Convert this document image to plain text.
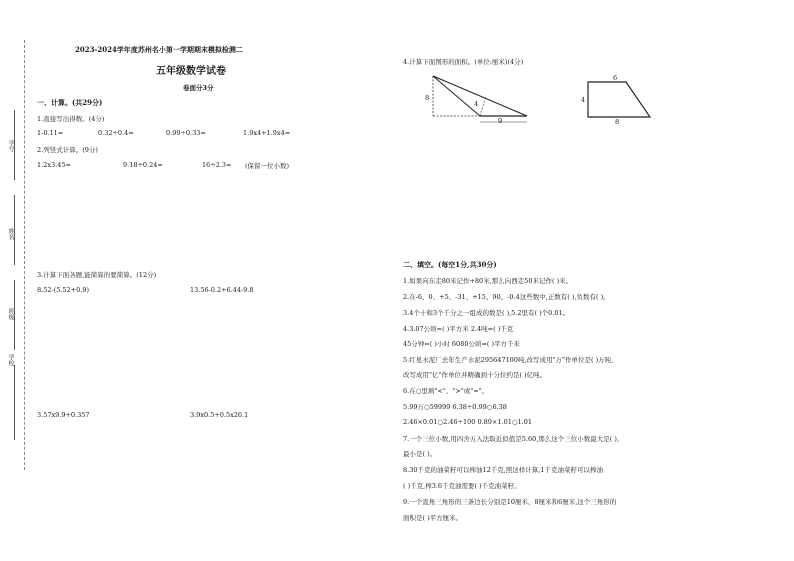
学号
姓名
班级
学校
2023-2024学年度苏州名小第一学期期末模拟检测二
五年级数学试卷
卷面分3分
一、计算。(共29分)
1.直接写出得数。(4分)
1-0.11=	0.32÷0.4=	0.99÷0.33=	1.9x4+1.9x4=
2.列竖式计算。(9分)
1.2x3.45=	9.18÷0.24=	16÷2.3≈ (保留一位小数)
3.计算下面各题,能简算的要简算。(12分)
8.52-(5.52+0.9)	13.56-0.2+6.44-9.8
3.57x9.9+0.357	3.9x0.5+0.5x26.1
4.计算下面图形的面积。(单位:厘米)(4分)
8
4
9
6
4
8
二、填空。(每空1分,共30分)
1.如果向东走80米记作+80米,那么向西走50米记作( )米。
2.在-6、0、+5、-31、+15、90、-0.4这些数中,正数有( ),负数有( )。
3.4个十和3个千分之一组成的数是( ),5.2里有( )个0.01。
4.3.07公顷=( )平方米 2.4吨=( )千克
45分钟=( )小时 6080公顷=( )平方千米
5.红星水泥厂去年生产水泥295647100吨,改写成用"万"作单位是( )万吨,
改写成用"亿"作单位并精确到十分位约是( )亿吨。
6.在○里填"<"、">"或"="。
5.99万○59999 6.38÷0.99○6.38
2.46×0.01○2.46÷100 0.89×1.01○1.01
7.一个三位小数,用四舍五入法取近似值是5.60,那么这个三位小数最大是( ),
最小是( )。
8.30千克的油菜籽可以榨油12千克,照这样计算,1千克油菜籽可以榨油
( )千克,榨3.6千克油需要( )千克油菜籽。
9.一个直角三角形的三条边长分别是10厘米、8厘米和6厘米,这个三角形的
面积是( )平方厘米。
